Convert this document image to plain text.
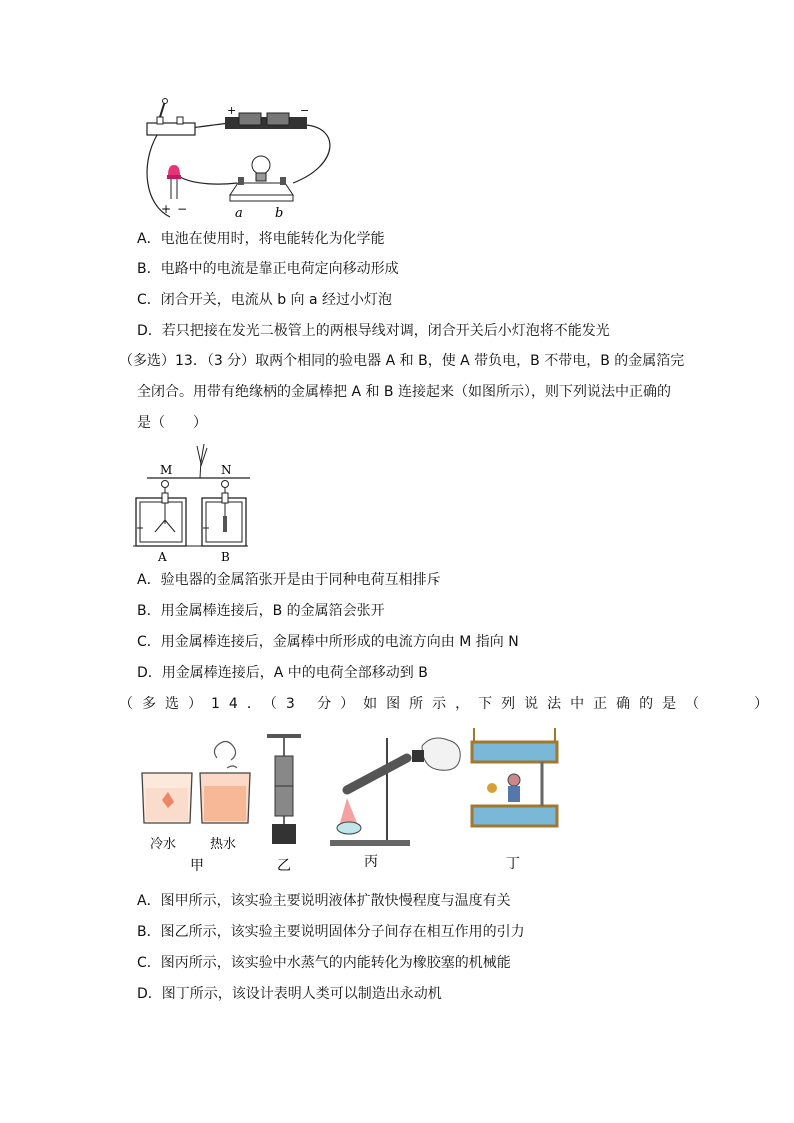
+	−
+ −	a b
A．电池在使用时，将电能转化为化学能
B．电路中的电流是靠正电荷定向移动形成
C．闭合开关，电流从 b 向 a 经过小灯泡
D．若只把接在发光二极管上的两根导线对调，闭合开关后小灯泡将不能发光
（多选）13．（3 分）取两个相同的验电器 A 和 B，使 A 带负电，B 不带电，B 的金属箔完
全闭合。用带有绝缘柄的金属棒把 A 和 B 连接起来（如图所示），则下列说法中正确的
是（　　）
M	N
A	B
A．验电器的金属箔张开是由于同种电荷互相排斥
B．用金属棒连接后，B 的金属箔会张开
C．用金属棒连接后，金属棒中所形成的电流方向由 M 指向 N
D．用金属棒连接后，A 中的电荷全部移动到 B
（多选）14．（3 分）如图所示，下列说法中正确的是（　　）
冷水	热水
甲	乙	丙	丁
A．图甲所示，该实验主要说明液体扩散快慢程度与温度有关
B．图乙所示，该实验主要说明固体分子间存在相互作用的引力
C．图丙所示，该实验中水蒸气的内能转化为橡胶塞的机械能
D．图丁所示，该设计表明人类可以制造出永动机
